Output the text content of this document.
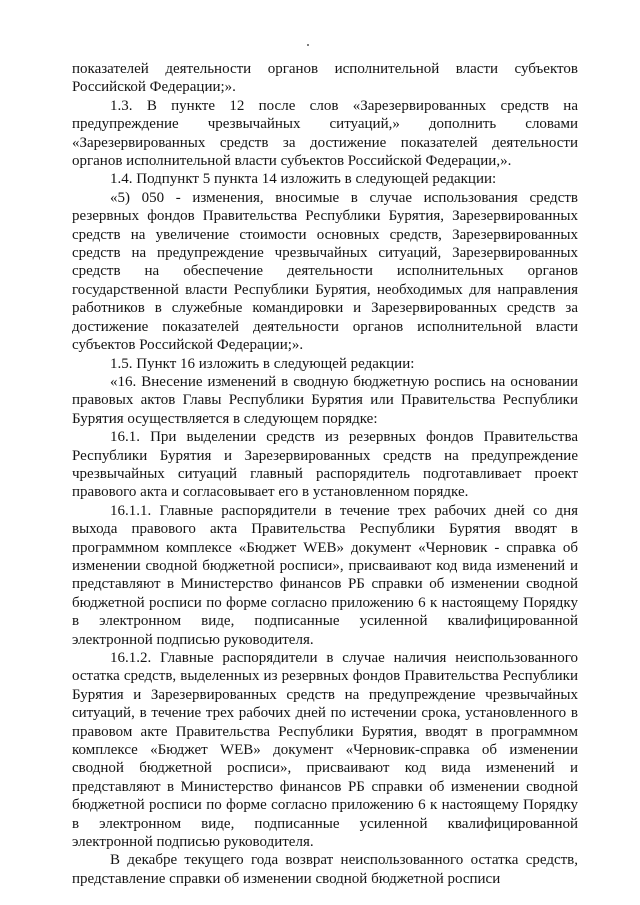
показателей деятельности органов исполнительной власти субъектов Российской Федерации;».

1.3. В пункте 12 после слов «Зарезервированных средств на предупреждение чрезвычайных ситуаций,» дополнить словами «Зарезервированных средств за достижение показателей деятельности органов исполнительной власти субъектов Российской Федерации,».

1.4. Подпункт 5 пункта 14 изложить в следующей редакции:

«5) 050 - изменения, вносимые в случае использования средств резервных фондов Правительства Республики Бурятия, Зарезервированных средств на увеличение стоимости основных средств, Зарезервированных средств на предупреждение чрезвычайных ситуаций, Зарезервированных средств на обеспечение деятельности исполнительных органов государственной власти Республики Бурятия, необходимых для направления работников в служебные командировки и Зарезервированных средств за достижение показателей деятельности органов исполнительной власти субъектов Российской Федерации;».

1.5. Пункт 16 изложить в следующей редакции:

«16. Внесение изменений в сводную бюджетную роспись на основании правовых актов Главы Республики Бурятия или Правительства Республики Бурятия осуществляется в следующем порядке:

16.1. При выделении средств из резервных фондов Правительства Республики Бурятия и Зарезервированных средств на предупреждение чрезвычайных ситуаций главный распорядитель подготавливает проект правового акта и согласовывает его в установленном порядке.

16.1.1. Главные распорядители в течение трех рабочих дней со дня выхода правового акта Правительства Республики Бурятия вводят в программном комплексе «Бюджет WEB» документ «Черновик - справка об изменении сводной бюджетной росписи», присваивают код вида изменений и представляют в Министерство финансов РБ справки об изменении сводной бюджетной росписи по форме согласно приложению 6 к настоящему Порядку в электронном виде, подписанные усиленной квалифицированной электронной подписью руководителя.

16.1.2. Главные распорядители в случае наличия неиспользованного остатка средств, выделенных из резервных фондов Правительства Республики Бурятия и Зарезервированных средств на предупреждение чрезвычайных ситуаций, в течение трех рабочих дней по истечении срока, установленного в правовом акте Правительства Республики Бурятия, вводят в программном комплексе «Бюджет WEB» документ «Черновик-справка об изменении сводной бюджетной росписи», присваивают код вида изменений и представляют в Министерство финансов РБ справки об изменении сводной бюджетной росписи по форме согласно приложению 6 к настоящему Порядку в электронном виде, подписанные усиленной квалифицированной электронной подписью руководителя.

В декабре текущего года возврат неиспользованного остатка средств, представление справки об изменении сводной бюджетной росписи
